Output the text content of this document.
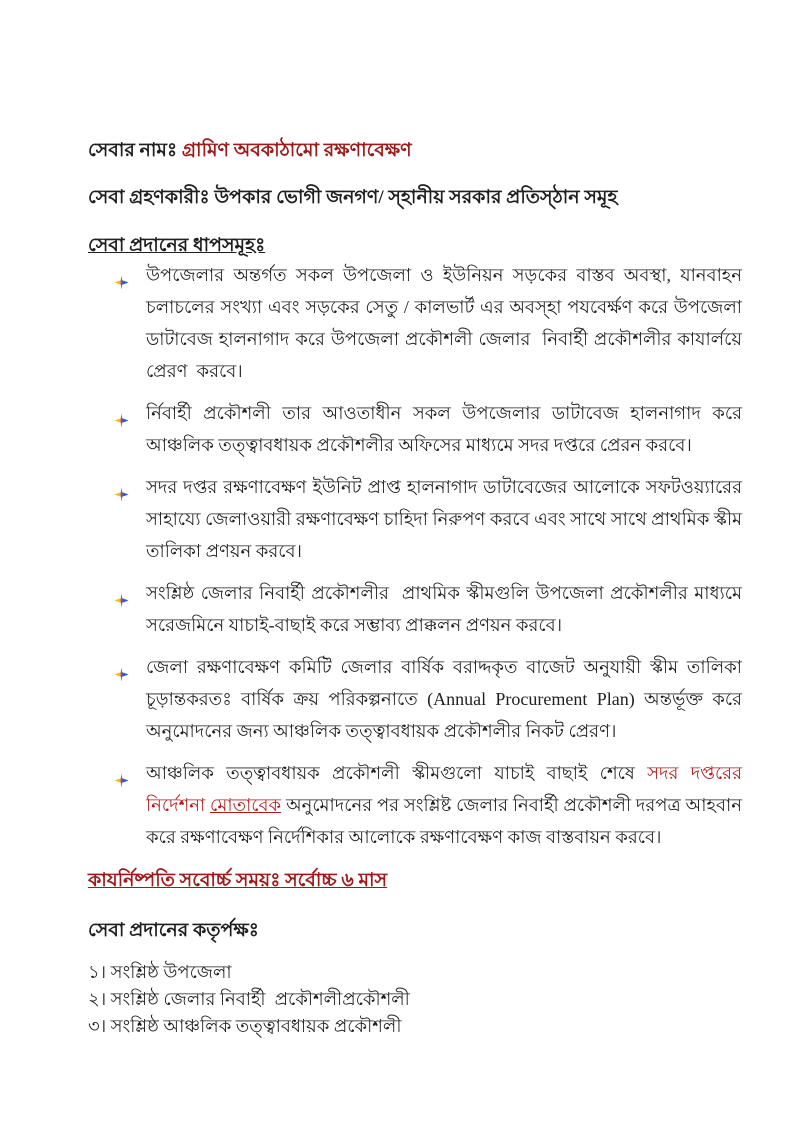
সেবার নামঃ গ্রামিণ অবকাঠামো রক্ষণাবেক্ষণ

সেবা গ্রহণকারীঃ উপকার ভোগী জনগণ/ স্হানীয় সরকার প্রতিস্ঠান সমূহ

সেবা প্রদানের ধাপসমূহঃ

উপজেলার অন্তর্গত সকল উপজেলা ও ইউনিয়ন সড়কের বাস্তব অবস্থা, যানবাহন চলাচলের সংখ্যা এবং সড়কের সেতু / কালভার্ট এর অবস্হা পযবের্ক্ষণ করে উপজেলা ডাটাবেজ হালনাগাদ করে উপজেলা প্রকৌশলী জেলার  নিবার্হী প্রকৌশলীর কাযার্লয়ে প্রেরণ  করবে।
র্নিবার্হী প্রকৌশলী তার আওতাধীন সকল উপজেলার ডাটাবেজ হালনাগাদ করে আঞ্চলিক তত্ত্বাবধায়ক প্রকৌশলীর অফিসের মাধ্যমে সদর দপ্তরে প্রেরন করবে।
সদর দপ্তর রক্ষণাবেক্ষণ ইউনিট প্রাপ্ত হালনাগাদ ডাটাবেজের আলোকে সফটওয়্যারের সাহায্যে জেলাওয়ারী রক্ষণাবেক্ষণ চাহিদা নিরুপণ করবে এবং সাথে সাথে প্রাথমিক স্কীম তালিকা প্রণয়ন করবে।
সংশ্লিষ্ঠ জেলার নিবার্হী প্রকৌশলীর  প্রাথমিক স্কীমগুলি উপজেলা প্রকৌশলীর মাধ্যমে সরেজমিনে যাচাই-বাছাই করে সম্ভাব্য প্রাক্কলন প্রণয়ন করবে।
জেলা রক্ষণাবেক্ষণ কমিটি জেলার বার্ষিক বরাদ্দকৃত বাজেট অনুযায়ী স্কীম তালিকা চূড়ান্তকরতঃ বার্ষিক ক্রয় পরিকল্পনাতে (Annual Procurement Plan) অন্তর্ভূক্ত করে অনুমোদনের জন্য আঞ্চলিক তত্ত্বাবধায়ক প্রকৌশলীর নিকট প্রেরণ।
আঞ্চলিক তত্ত্বাবধায়ক প্রকৌশলী স্কীমগুলো যাচাই বাছাই শেষে সদর দপ্তরের নির্দেশনা মোতাবেক অনুমোদনের পর সংশ্লিষ্ট জেলার নিবার্হী প্রকৌশলী দরপত্র আহবান করে রক্ষণাবেক্ষণ নির্দেশিকার আলোকে রক্ষণাবেক্ষণ কাজ বাস্তবায়ন করবে।

কাযর্নিষ্পতি সবোর্চ্চ সময়ঃ সর্বোচ্চ ৬ মাস

সেবা প্রদানের কতৃর্পক্ষঃ

১। সংশ্লিষ্ঠ উপজেলা

২। সংশ্লিষ্ঠ জেলার নিবার্হী  প্রকৌশলীপ্রকৌশলী

৩। সংশ্লিষ্ঠ আঞ্চলিক তত্ত্বাবধায়ক প্রকৌশলী
